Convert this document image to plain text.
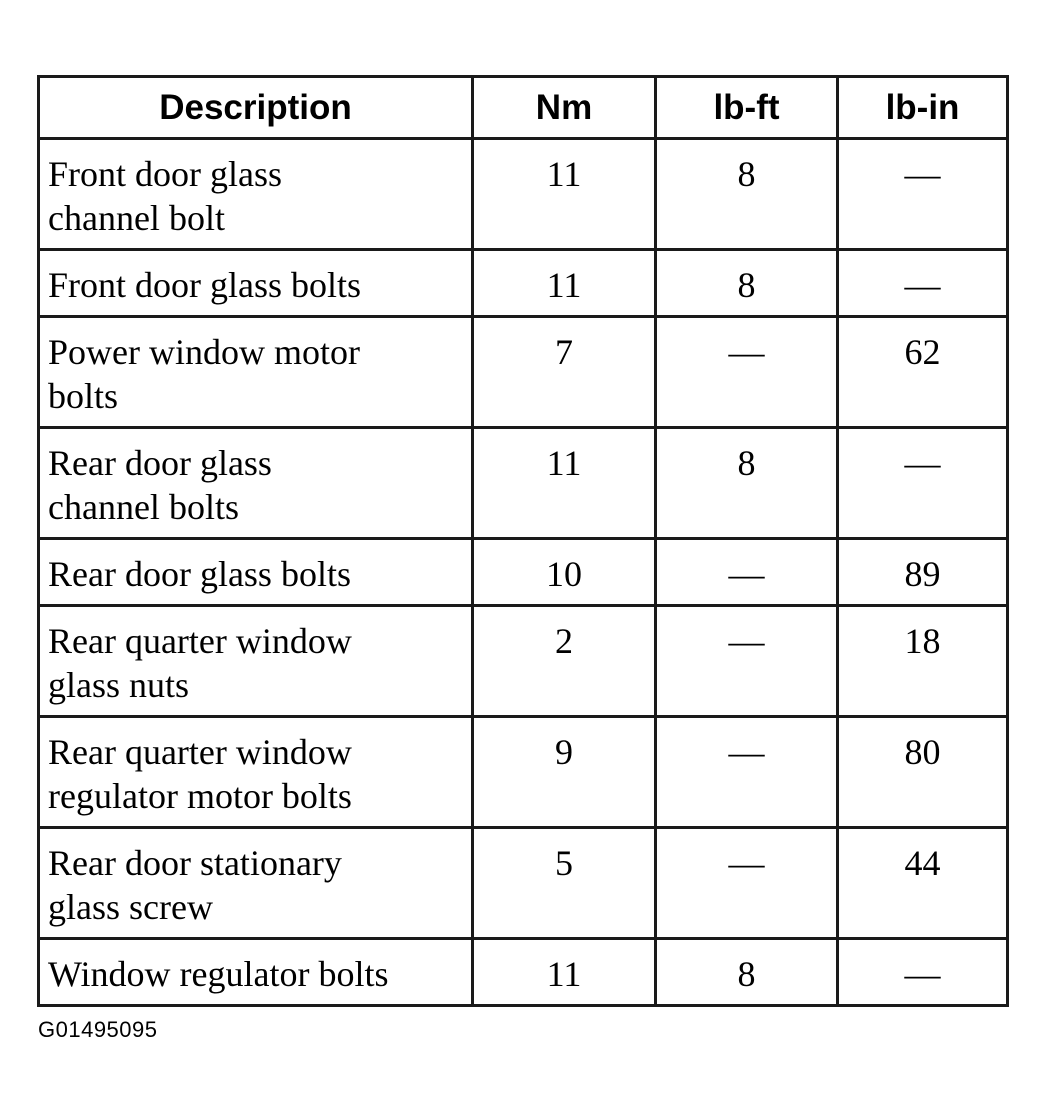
Description	Nm	lb-ft	lb-in
Front door glass
channel bolt	11	8	—
Front door glass bolts	11	8	—
Power window motor
bolts	7	—	62
Rear door glass
channel bolts	11	8	—
Rear door glass bolts	10	—	89
Rear quarter window
glass nuts	2	—	18
Rear quarter window
regulator motor bolts	9	—	80
Rear door stationary
glass screw	5	—	44
Window regulator bolts	11	8	—
G01495095
